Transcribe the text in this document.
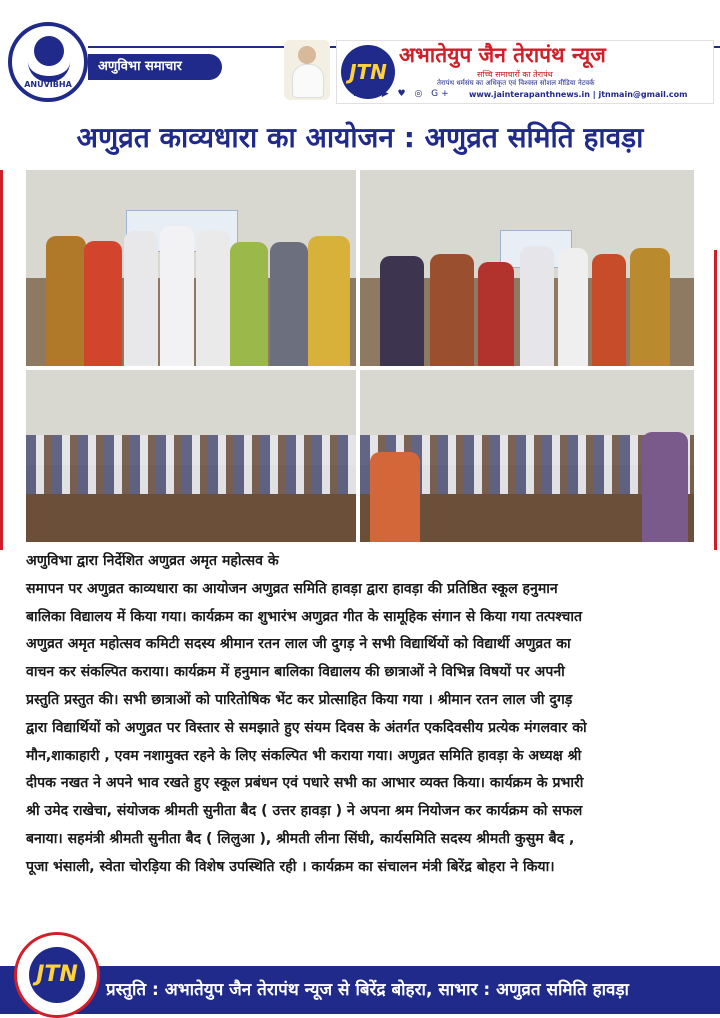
ANUVIBHA
अणुविभा समाचार	JTN
अभातेयुप जैन तेरापंथ न्यूज
सच्चि समाचारों का तेरापंथ
तेरापंथ धर्मसंघ का अधिकृत एवं विश्वस्त सोशल मीडिया नेटवर्क
www.jainterapanthnews.in | jtnmain@gmail.com
f ◎ ▶ ♥ ◎ G+
अणुव्रत काव्यधारा का आयोजन : अणुव्रत समिति हावड़ा

अणुविभा द्वारा निर्देशित अणुव्रत अमृत महोत्सव के

समापन पर अणुव्रत काव्यधारा का आयोजन अणुव्रत समिति हावड़ा द्वारा हावड़ा की प्रतिष्ठित स्कूल हनुमान

बालिका विद्यालय में किया गया। कार्यक्रम का शुभारंभ अणुव्रत गीत के सामूहिक संगान से किया गया तत्पश्चात

अणुव्रत अमृत महोत्सव कमिटी सदस्य श्रीमान रतन लाल जी दुगड़ ने सभी विद्यार्थियों को विद्यार्थी अणुव्रत का

वाचन कर संकल्पित कराया। कार्यक्रम में हनुमान बालिका विद्यालय की छात्राओं ने विभिन्न विषयों पर अपनी

प्रस्तुति प्रस्तुत की। सभी छात्राओं को पारितोषिक भेंट कर प्रोत्साहित किया गया । श्रीमान रतन लाल जी दुगड़

द्वारा विद्यार्थियों को अणुव्रत पर विस्तार से समझाते हुए संयम दिवस के अंतर्गत एकदिवसीय प्रत्येक मंगलवार को

मौन,शाकाहारी , एवम नशामुक्त रहने के लिए संकल्पित भी कराया गया। अणुव्रत समिति हावड़ा के अध्यक्ष श्री

दीपक नखत ने अपने भाव रखते हुए स्कूल प्रबंधन एवं पधारे सभी का आभार व्यक्त किया। कार्यक्रम के प्रभारी

श्री उमेद राखेचा, संयोजक श्रीमती सुनीता बैद ( उत्तर हावड़ा ) ने अपना श्रम नियोजन कर कार्यक्रम को सफल

बनाया। सहमंत्री श्रीमती सुनीता बैद ( लिलुआ ), श्रीमती लीना सिंघी, कार्यसमिति सदस्य श्रीमती कुसुम बैद ,

पूजा भंसाली, स्वेता चोरड़िया की विशेष उपस्थिति रही । कार्यक्रम का संचालन मंत्री बिरेंद्र बोहरा ने किया।

JTN
प्रस्तुति : अभातेयुप जैन तेरापंथ न्यूज से बिरेंद्र बोहरा, साभार : अणुव्रत समिति हावड़ा
